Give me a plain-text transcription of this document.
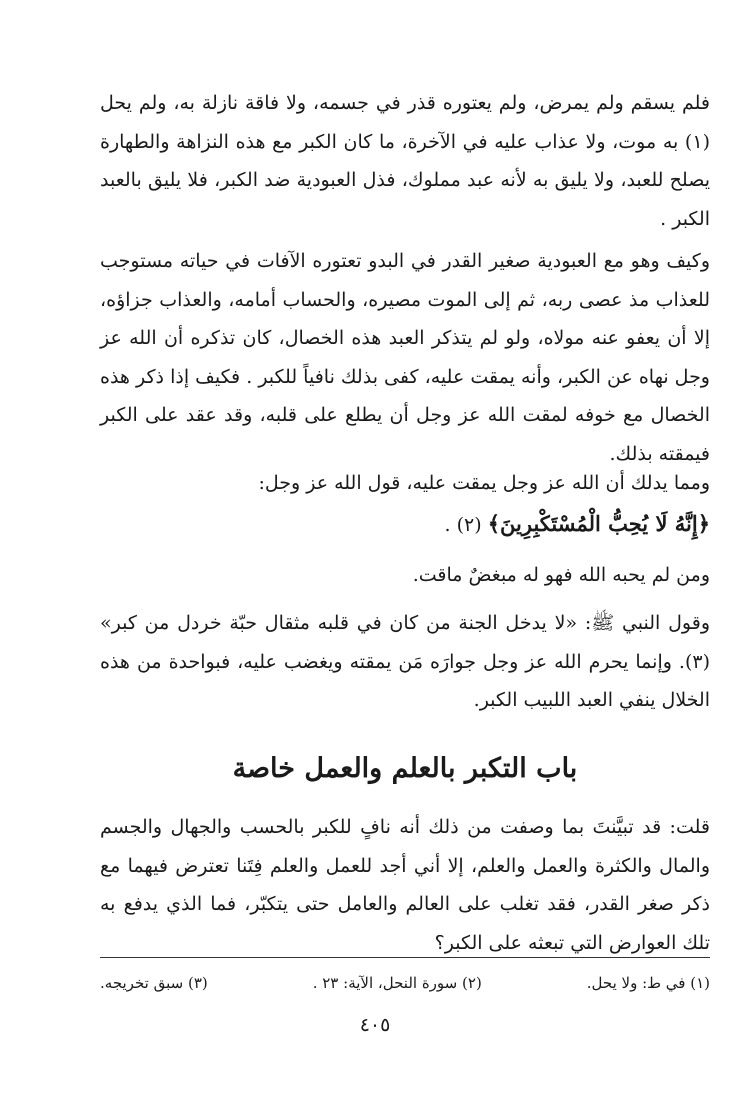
فلم يسقم ولم يمرض، ولم يعتوره قذر في جسمه، ولا فاقة نازلة به، ولم يحل (١) به موت، ولا عذاب عليه في الآخرة، ما كان الكبر مع هذه النزاهة والطهارة يصلح للعبد، ولا يليق به لأنه عبد مملوك، فذل العبودية ضد الكبر، فلا يليق بالعبد الكبر .

وكيف وهو مع العبودية صغير القدر في البدو تعتوره الآفات في حياته مستوجب للعذاب مذ عصى ربه، ثم إلى الموت مصيره، والحساب أمامه، والعذاب جزاؤه، إلا أن يعفو عنه مولاه، ولو لم يتذكر العبد هذه الخصال، كان تذكره أن الله عز وجل نهاه عن الكبر، وأنه يمقت عليه، كفى بذلك نافياً للكبر . فكيف إذا ذكر هذه الخصال مع خوفه لمقت الله عز وجل أن يطلع على قلبه، وقد عقد على الكبر فيمقته بذلك.

ومما يدلك أن الله عز وجل يمقت عليه، قول الله عز وجل:

﴿إِنَّهُ لَا يُحِبُّ الْمُسْتَكْبِرِينَ﴾ (٢) .

ومن لم يحبه الله فهو له مبغضٌ ماقت.

وقول النبي ﷺ: «لا يدخل الجنة من كان في قلبه مثقال حبّة خردل من كبر» (٣). وإنما يحرم الله عز وجل جوارَه مَن يمقته ويغضب عليه، فبواحدة من هذه الخلال ينفي العبد اللبيب الكبر.

باب التكبر بالعلم والعمل خاصة

قلت: قد تبيَّنتَ بما وصفت من ذلك أنه نافٍ للكبر بالحسب والجهال والجسم والمال والكثرة والعمل والعلم، إلا أني أجد للعمل والعلم فِتَنا تعترض فيهما مع ذكر صغر القدر، فقد تغلب على العالم والعامل حتى يتكبّر، فما الذي يدفع به تلك العوارض التي تبعثه على الكبر؟

(١) في ط: ولا يحل.
(٢) سورة النحل، الآية: ٢٣ .
(٣) سبق تخريجه.
٤٠٥
